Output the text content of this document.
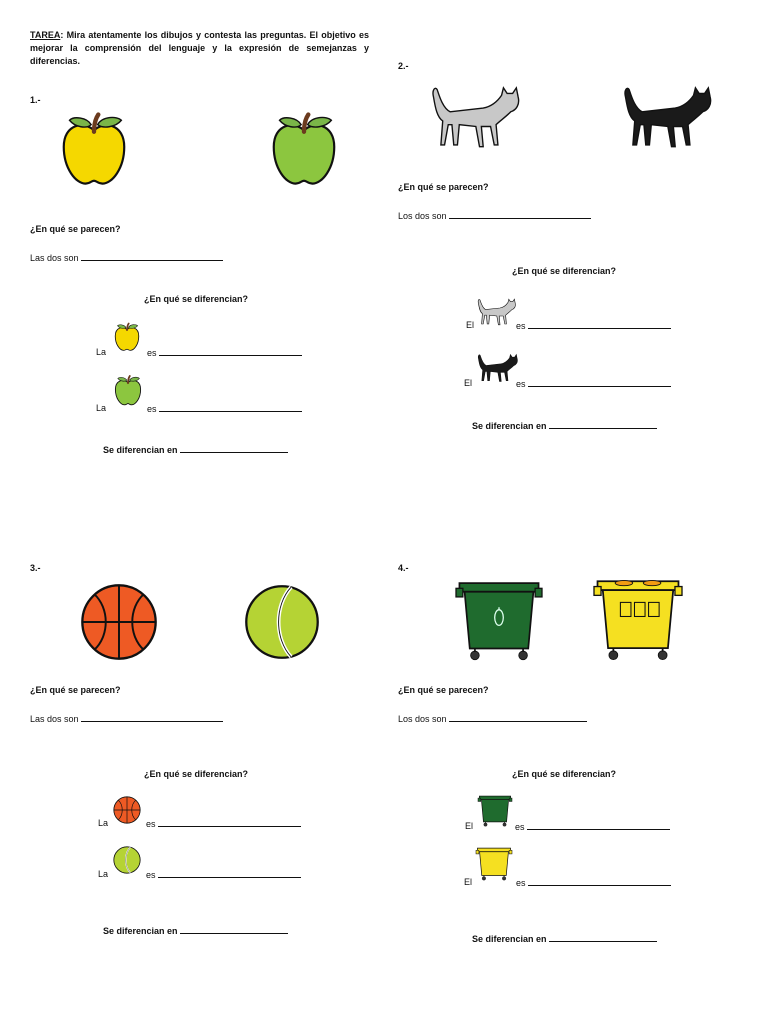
TAREA: Mira atentamente los dibujos y contesta las preguntas. El objetivo es mejorar la comprensión del lenguaje y la expresión de semejanzas y diferencias.
1.-
¿En qué se parecen?
Las dos son
¿En qué se diferencian?
La	es
La	es
Se diferencian en
2.-
¿En qué se parecen?
Los dos son
¿En qué se diferencian?
El	es
El	es
Se diferencian en
3.-
¿En qué se parecen?
Las dos son
¿En qué se diferencian?
La	es
La	es
Se diferencian en
4.-
¿En qué se parecen?
Los dos son
¿En qué se diferencian?
El	es
El	es
Se diferencian en
